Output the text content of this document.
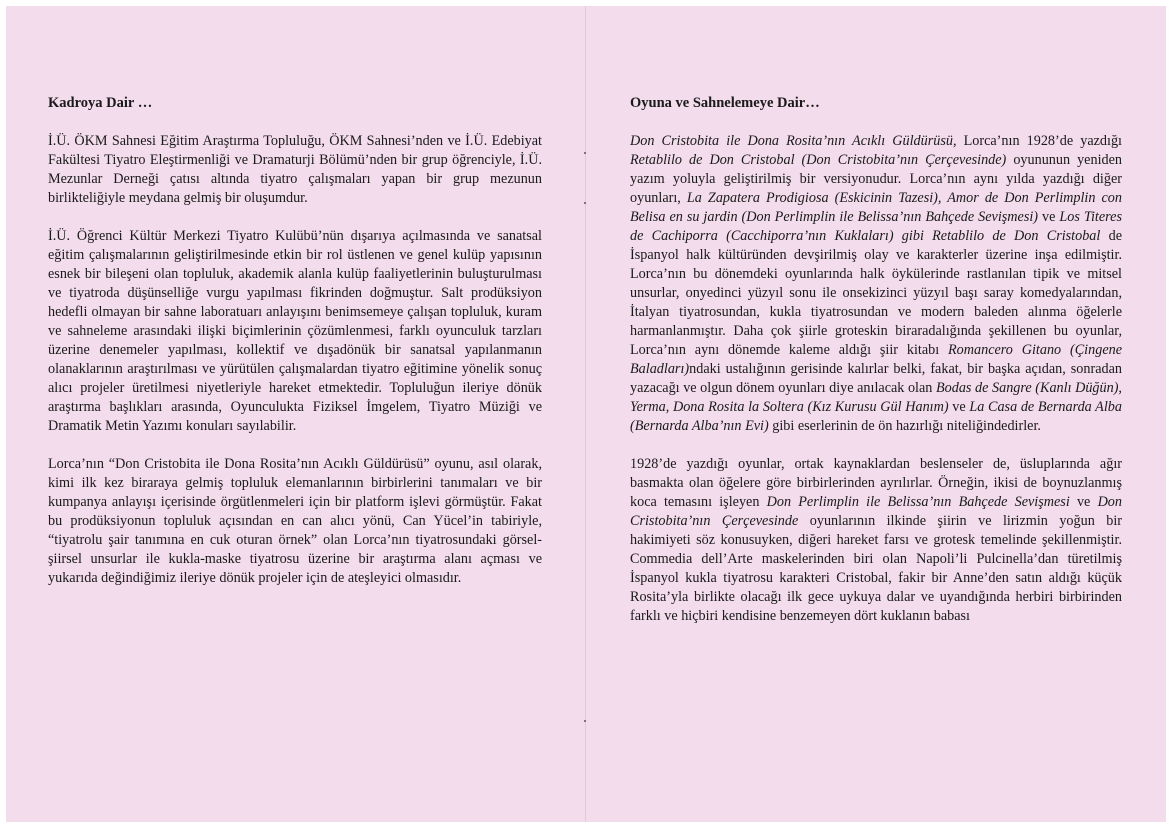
Kadroya Dair …

İ.Ü. ÖKM Sahnesi Eğitim Araştırma Topluluğu, ÖKM Sahnesi’nden ve İ.Ü. Edebiyat Fakültesi Tiyatro Eleştirmenliği ve Dramaturji Bölümü’nden bir grup öğrenciyle, İ.Ü. Mezunlar Derneği çatısı altında tiyatro çalışmaları yapan bir grup mezunun birlikteliğiyle meydana gelmiş bir oluşumdur.

İ.Ü. Öğrenci Kültür Merkezi Tiyatro Kulübü’nün dışarıya açılmasında ve sanatsal eğitim çalışmalarının geliştirilmesinde etkin bir rol üstlenen ve genel kulüp yapısının esnek bir bileşeni olan topluluk, akademik alanla kulüp faaliyetlerinin buluşturulması ve tiyatroda düşünselliğe vurgu yapılması fikrinden doğmuştur. Salt prodüksiyon hedefli olmayan bir sahne laboratuarı anlayışını benimsemeye çalışan topluluk, kuram ve sahneleme arasındaki ilişki biçimlerinin çözümlenmesi, farklı oyunculuk tarzları üzerine denemeler yapılması, kollektif ve dışadönük bir sanatsal yapılanmanın olanaklarının araştırılması ve yürütülen çalışmalardan tiyatro eğitimine yönelik sonuç alıcı projeler üretilmesi niyetleriyle hareket etmektedir. Topluluğun ileriye dönük araştırma başlıkları arasında, Oyunculukta Fiziksel İmgelem, Tiyatro Müziği ve Dramatik Metin Yazımı konuları sayılabilir.

Lorca’nın “Don Cristobita ile Dona Rosita’nın Acıklı Güldürüsü” oyunu, asıl olarak, kimi ilk kez biraraya gelmiş topluluk elemanlarının birbirlerini tanımaları ve bir kumpanya anlayışı içerisinde örgütlenmeleri için bir platform işlevi görmüştür. Fakat bu prodüksiyonun topluluk açısından en can alıcı yönü, Can Yücel’in tabiriyle, “tiyatrolu şair tanımına en cuk oturan örnek” olan Lorca’nın tiyatrosundaki görsel-şiirsel unsurlar ile kukla-maske tiyatrosu üzerine bir araştırma alanı açması ve yukarıda değindiğimiz ileriye dönük projeler için de ateşleyici olmasıdır.

Oyuna ve Sahnelemeye Dair…

Don Cristobita ile Dona Rosita’nın Acıklı Güldürüsü, Lorca’nın 1928’de yazdığı Retablilo de Don Cristobal (Don Cristobita’nın Çerçevesinde) oyununun yeniden yazım yoluyla geliştirilmiş bir versiyonudur. Lorca’nın aynı yılda yazdığı diğer oyunları, La Zapatera Prodigiosa (Eskicinin Tazesi), Amor de Don Perlimplin con Belisa en su jardin (Don Perlimplin ile Belissa’nın Bahçede Sevişmesi) ve Los Titeres de Cachiporra (Cacchiporra’nın Kuklaları) gibi Retablilo de Don Cristobal de İspanyol halk kültüründen devşirilmiş olay ve karakterler üzerine inşa edilmiştir. Lorca’nın bu dönemdeki oyunlarında halk öykülerinde rastlanılan tipik ve mitsel unsurlar, onyedinci yüzyıl sonu ile onsekizinci yüzyıl başı saray komedyalarından, İtalyan tiyatrosundan, kukla tiyatrosundan ve modern baleden alınma öğelerle harmanlanmıştır. Daha çok şiirle groteskin biraradalığında şekillenen bu oyunlar, Lorca’nın aynı dönemde kaleme aldığı şiir kitabı Romancero Gitano (Çingene Baladları)ndaki ustalığının gerisinde kalırlar belki, fakat, bir başka açıdan, sonradan yazacağı ve olgun dönem oyunları diye anılacak olan Bodas de Sangre (Kanlı Düğün), Yerma, Dona Rosita la Soltera (Kız Kurusu Gül Hanım) ve La Casa de Bernarda Alba (Bernarda Alba’nın Evi) gibi eserlerinin de ön hazırlığı niteliğindedirler.

1928’de yazdığı oyunlar, ortak kaynaklardan beslenseler de, üsluplarında ağır basmakta olan öğelere göre birbirlerinden ayrılırlar. Örneğin, ikisi de boynuzlanmış koca temasını işleyen Don Perlimplin ile Belissa’nın Bahçede Sevişmesi ve Don Cristobita’nın Çerçevesinde oyunlarının ilkinde şiirin ve lirizmin yoğun bir hakimiyeti söz konusuyken, diğeri hareket farsı ve grotesk temelinde şekillenmiştir. Commedia dell’Arte maskelerinden biri olan Napoli’li Pulcinella’dan türetilmiş İspanyol kukla tiyatrosu karakteri Cristobal, fakir bir Anne’den satın aldığı küçük Rosita’yla birlikte olacağı ilk gece uykuya dalar ve uyandığında herbiri birbirinden farklı ve hiçbiri kendisine benzemeyen dört kuklanın babası
